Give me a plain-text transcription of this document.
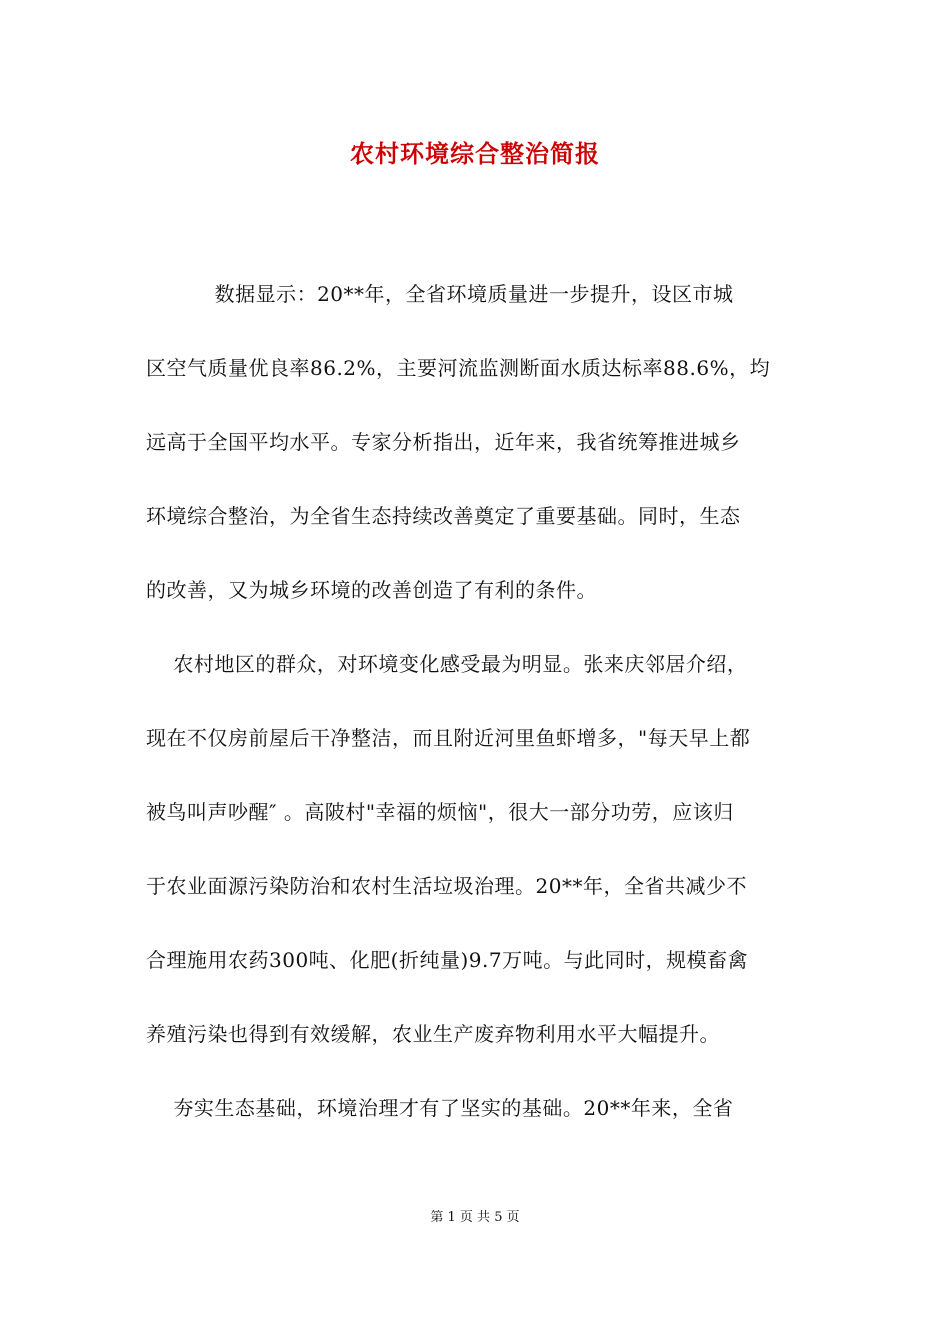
农村环境综合整治简报
数据显示：20**年，全省环境质量进一步提升，设区市城
区空气质量优良率86.2%，主要河流监测断面水质达标率88.6%，均
远高于全国平均水平。专家分析指出，近年来，我省统筹推进城乡
环境综合整治，为全省生态持续改善奠定了重要基础。同时，生态
的改善，又为城乡环境的改善创造了有利的条件。
农村地区的群众，对环境变化感受最为明显。张来庆邻居介绍，
现在不仅房前屋后干净整洁，而且附近河里鱼虾增多，"每天早上都
被鸟叫声吵醒″ 。高陂村"幸福的烦恼"，很大一部分功劳，应该归
于农业面源污染防治和农村生活垃圾治理。20**年，全省共减少不
合理施用农药300吨、化肥(折纯量)9.7万吨。与此同时，规模畜禽
养殖污染也得到有效缓解，农业生产废弃物利用水平大幅提升。
夯实生态基础，环境治理才有了坚实的基础。20**年来，全省
第 1 页 共 5 页
